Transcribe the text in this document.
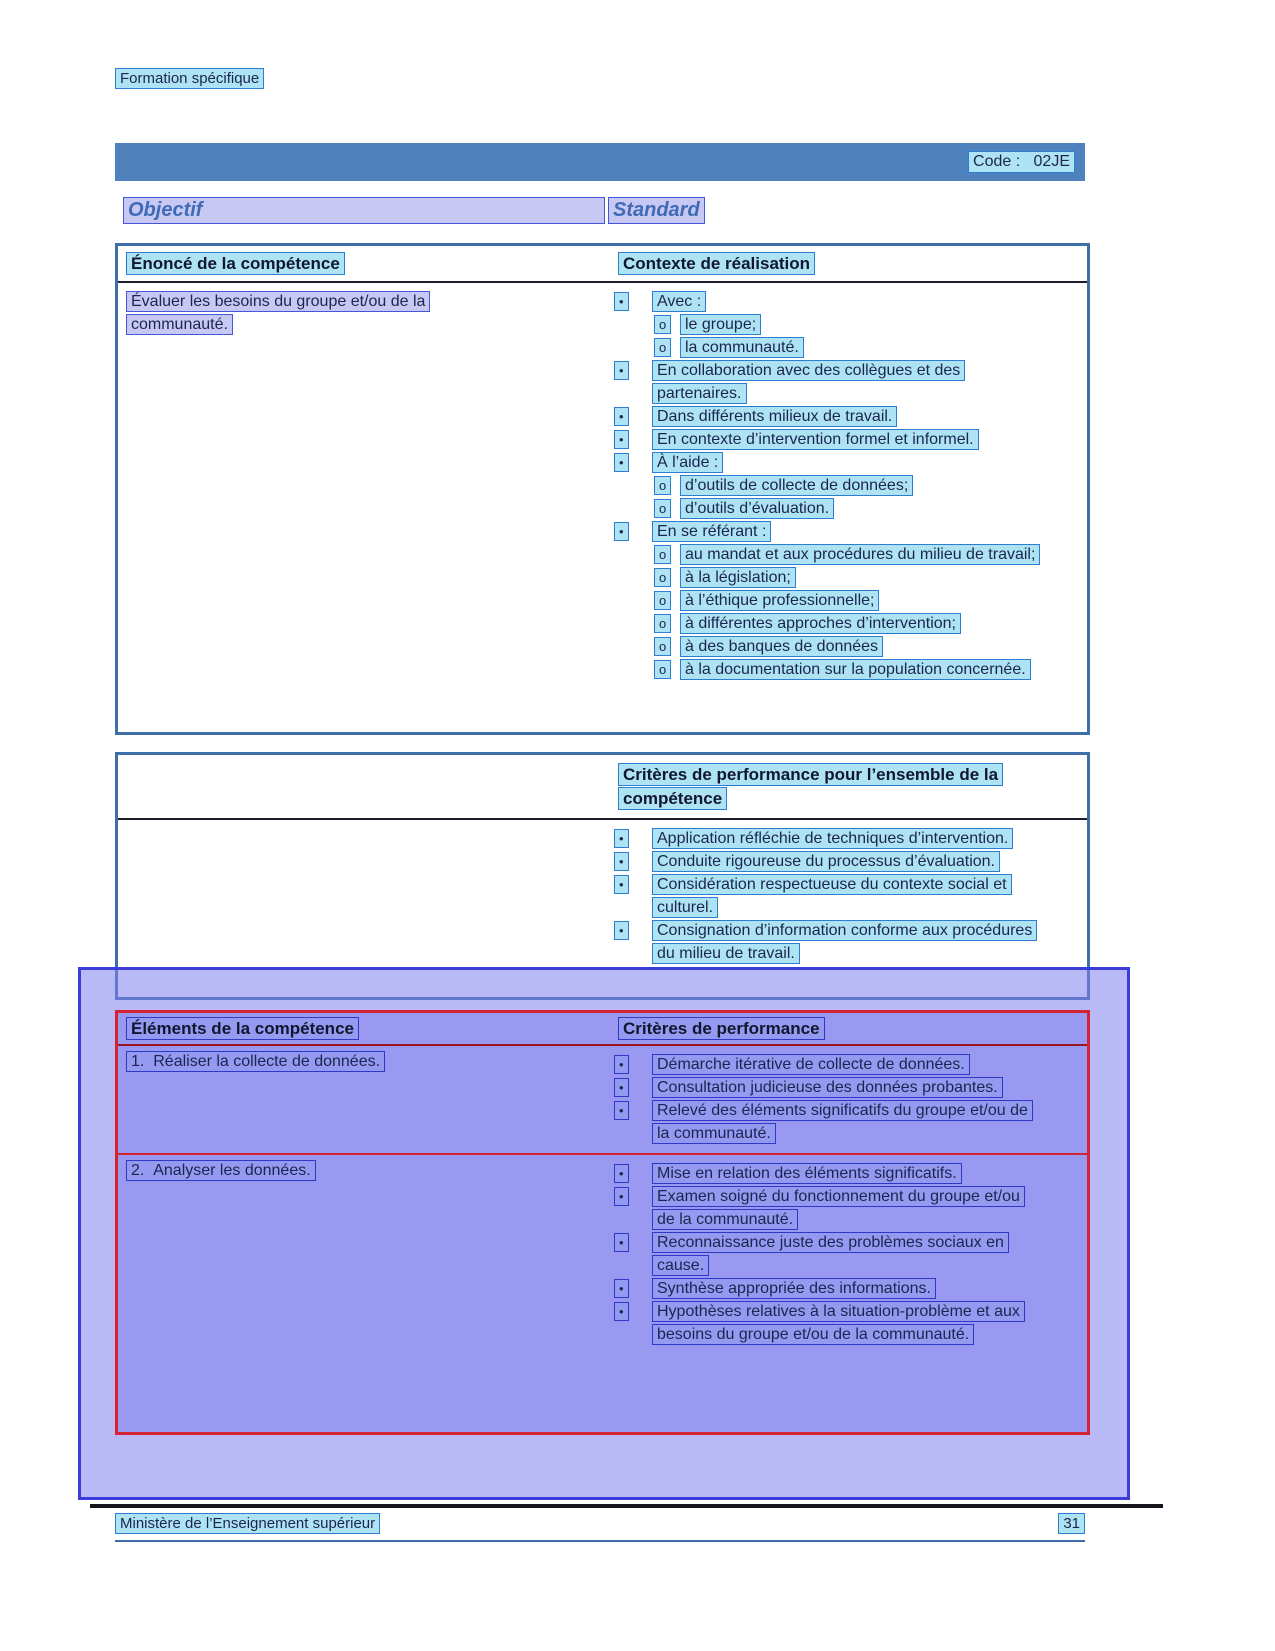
Formation spécifique
Code :   02JE
Objectif	Standard
Énoncé de la compétence	Contexte de réalisation
Évaluer les besoins du groupe et/ou de la communauté.
•	Avec :
o	le groupe;
o	la communauté.
•	En collaboration avec des collègues et des partenaires.
•	Dans différents milieux de travail.
•	En contexte d’intervention formel et informel.
•	À l’aide :
o	d’outils de collecte de données;
o	d’outils d’évaluation.
•	En se référant :
o	au mandat et aux procédures du milieu de travail;
o	à la législation;
o	à l’éthique professionnelle;
o	à différentes approches d’intervention;
o	à des banques de données
o	à la documentation sur la population concernée.
Critères de performance pour l’ensemble de la compétence
•	Application réfléchie de techniques d’intervention.
•	Conduite rigoureuse du processus d’évaluation.
•	Considération respectueuse du contexte social et culturel.
•	Consignation d’information conforme aux procédures du milieu de travail.
Éléments de la compétence	Critères de performance
1.  Réaliser la collecte de données.	•	Démarche itérative de collecte de données.
•	Consultation judicieuse des données probantes.
•	Relevé des éléments significatifs du groupe et/ou de la communauté.
2.  Analyser les données.	•	Mise en relation des éléments significatifs.
•	Examen soigné du fonctionnement du groupe et/ou de la communauté.
•	Reconnaissance juste des problèmes sociaux en cause.
•	Synthèse appropriée des informations.
•	Hypothèses relatives à la situation-problème et aux besoins du groupe et/ou de la communauté.
Ministère de l’Enseignement supérieur	31
